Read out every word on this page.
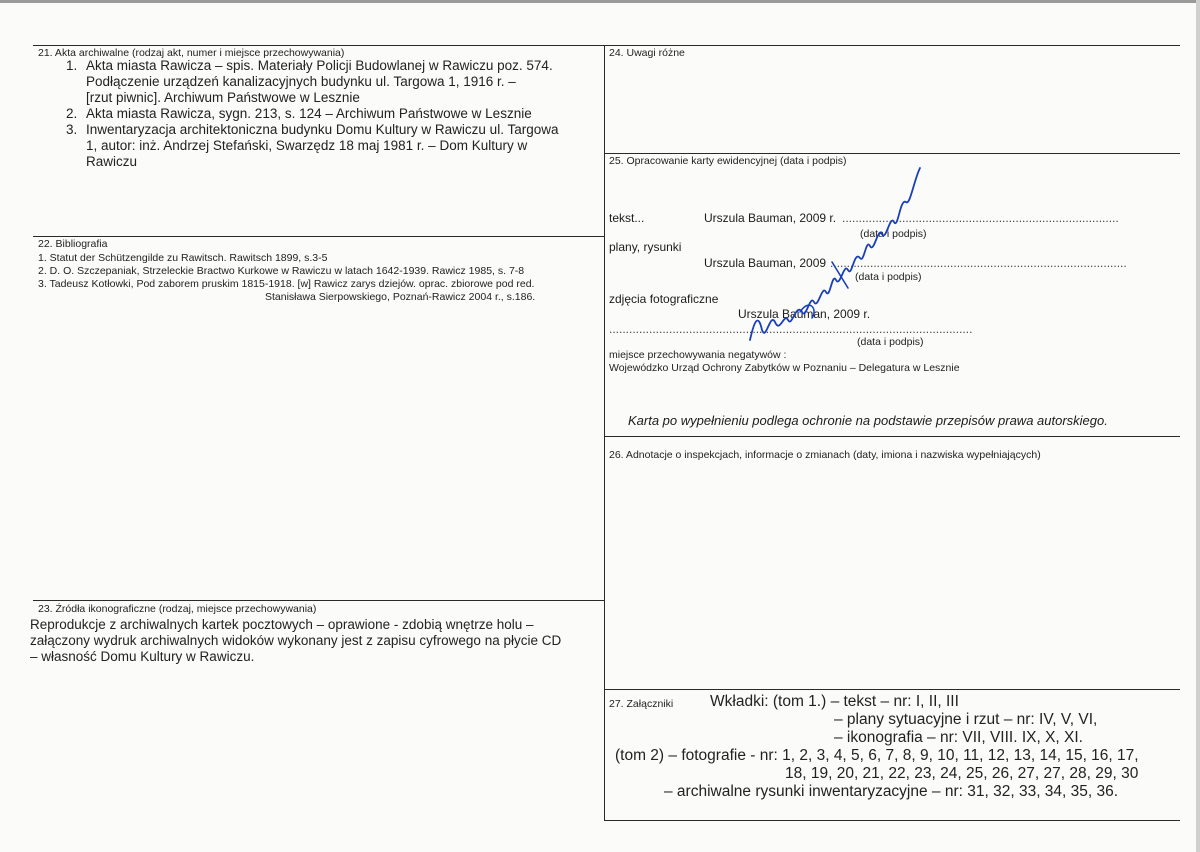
21. Akta archiwalne (rodzaj akt, numer i miejsce przechowywania)
1. Akta miasta Rawicza – spis. Materiały Policji Budowlanej w Rawiczu poz. 574.
Podłączenie urządzeń kanalizacyjnych budynku ul. Targowa 1, 1916 r. –
[rzut piwnic]. Archiwum Państwowe w Lesznie
2. Akta miasta Rawicza, sygn. 213, s. 124 – Archiwum Państwowe w Lesznie
3. Inwentaryzacja architektoniczna budynku Domu Kultury w Rawiczu ul. Targowa
1, autor: inż. Andrzej Stefański, Swarzędz 18 maj 1981 r. – Dom Kultury w
Rawiczu
22. Bibliografia
1. Statut der Schützengilde zu Rawitsch. Rawitsch 1899, s.3-5
2. D. O. Szczepaniak, Strzeleckie Bractwo Kurkowe w Rawiczu w latach 1642-1939. Rawicz 1985, s. 7-8
3. Tadeusz Kotłowki, Pod zaborem pruskim 1815-1918. [w] Rawicz zarys dziejów. oprac. zbiorowe pod red.
Stanisława Sierpowskiego, Poznań-Rawicz 2004 r., s.186.
23. Źródła ikonograficzne (rodzaj, miejsce przechowywania)
Reprodukcje z archiwalnych kartek pocztowych – oprawione - zdobią wnętrze holu –
załączony wydruk archiwalnych widoków wykonany jest z zapisu cyfrowego na płycie CD
– własność Domu Kultury w Rawiczu.
24. Uwagi różne
25. Opracowanie karty ewidencyjnej (data i podpis)
tekst...	Urszula Bauman, 2009 r. ...................................................................................
(data i podpis)
plany, rysunki
Urszula Bauman, 2009 .........................................................................................
(data i podpis)
zdjęcia fotograficzne
Urszula Bauman, 2009 r.
.............................................................................................................
(data i podpis)
miejsce przechowywania negatywów :
Wojewódzko Urząd Ochrony Zabytków w Poznaniu – Delegatura w Lesznie
Karta po wypełnieniu podlega ochronie na podstawie przepisów prawa autorskiego.
26. Adnotacje o inspekcjach, informacje o zmianach (daty, imiona i nazwiska wypełniających)
27. Załączniki Wkładki: (tom 1.) – tekst – nr: I, II, III
– plany sytuacyjne i rzut – nr: IV, V, VI,
– ikonografia – nr: VII, VIII. IX, X, XI.
(tom 2) – fotografie - nr: 1, 2, 3, 4, 5, 6, 7, 8, 9, 10, 11, 12, 13, 14, 15, 16, 17,
18, 19, 20, 21, 22, 23, 24, 25, 26, 27, 27, 28, 29, 30
– archiwalne rysunki inwentaryzacyjne – nr: 31, 32, 33, 34, 35, 36.
